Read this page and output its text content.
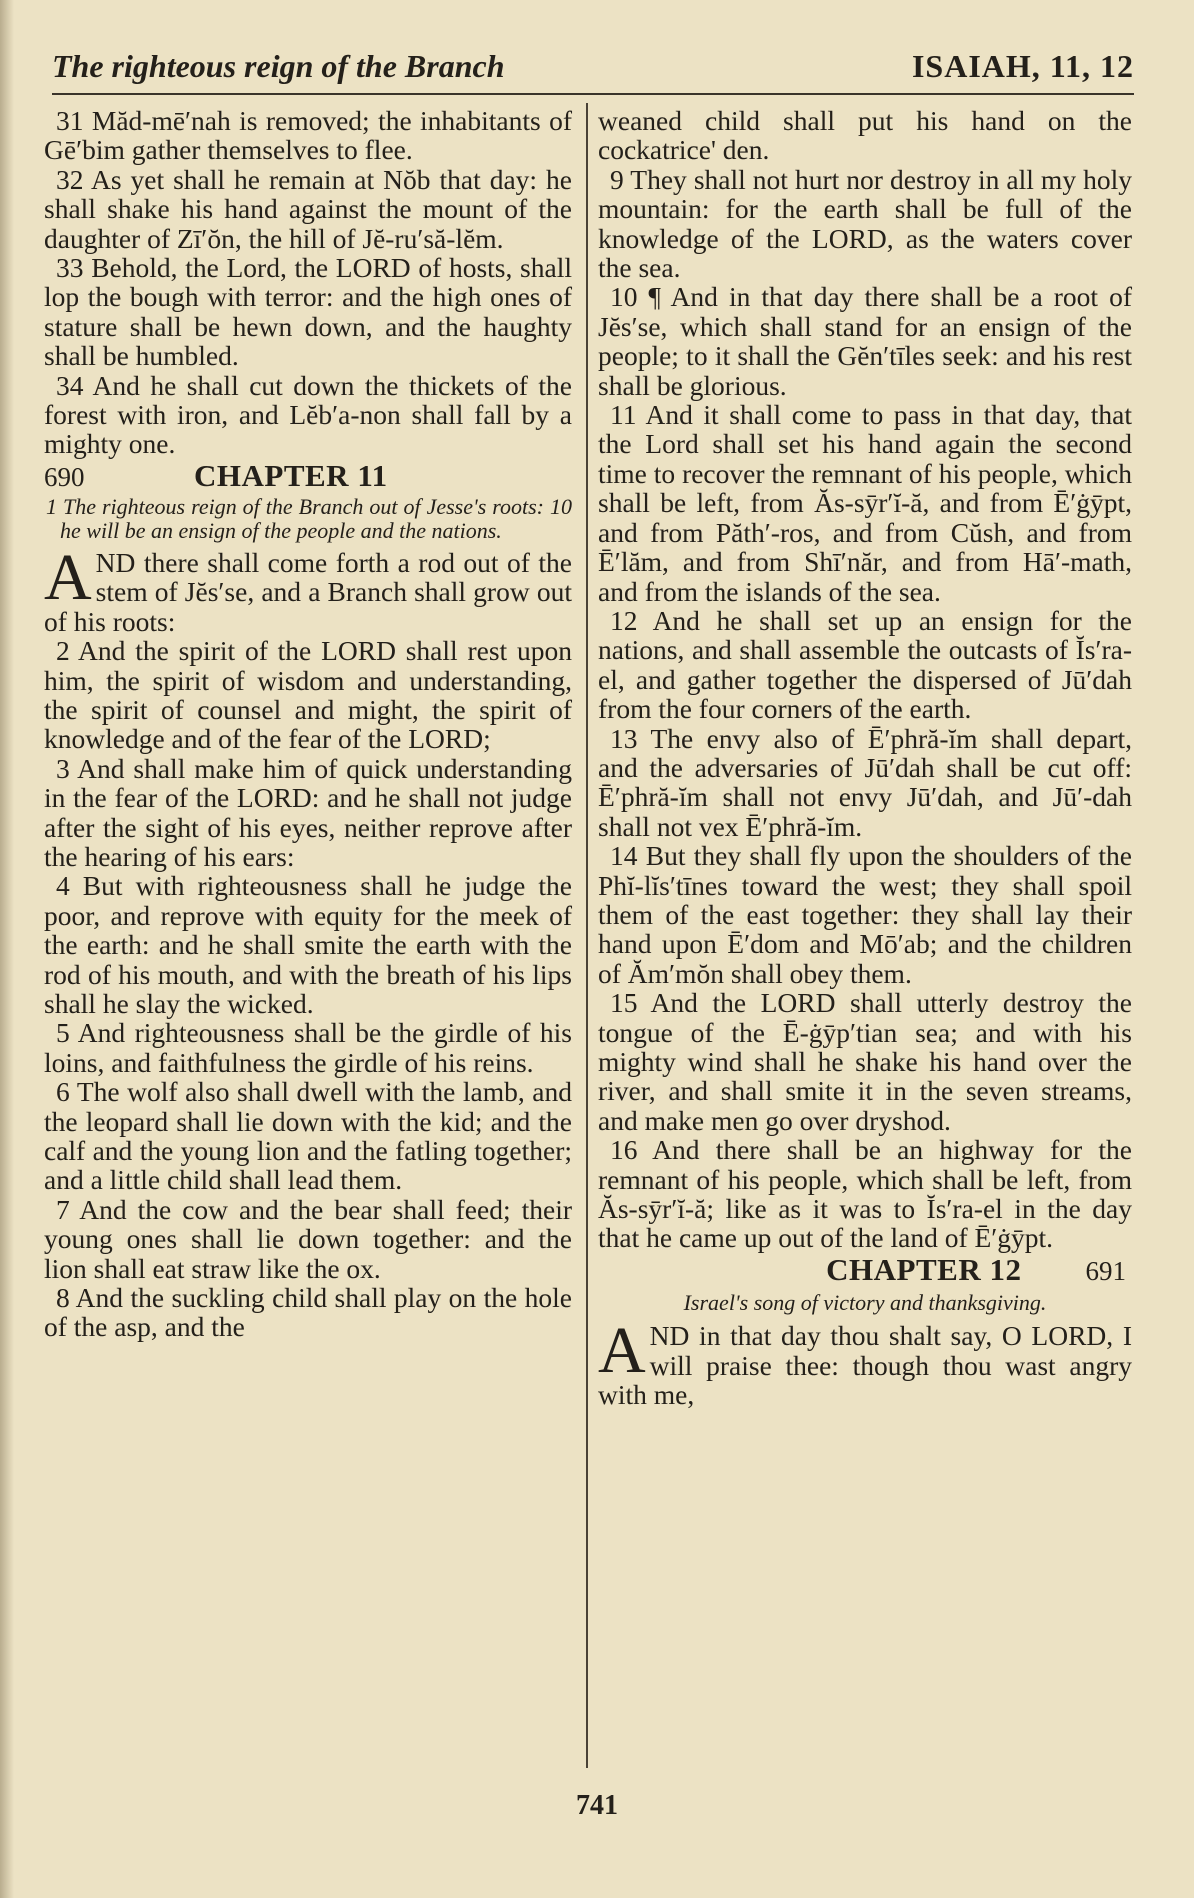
The righteous reign of the Branch	ISAIAH, 11, 12

31 Măd-mē′nah is removed; the inhabitants of Gē′bim gather themselves to flee.

32 As yet shall he remain at Nŏb that day: he shall shake his hand against the mount of the daughter of Zī′ŏn, the hill of Jĕ-ru′să-lĕm.

33 Behold, the Lord, the LORD of hosts, shall lop the bough with terror: and the high ones of stature shall be hewn down, and the haughty shall be humbled.

34 And he shall cut down the thickets of the forest with iron, and Lĕb′a-non shall fall by a mighty one.

690	CHAPTER 11

1 The righteous reign of the Branch out of Jesse's roots: 10 he will be an ensign of the people and the nations.

AND there shall come forth a rod out of the stem of Jĕs′se, and a Branch shall grow out of his roots:

2 And the spirit of the LORD shall rest upon him, the spirit of wisdom and understanding, the spirit of counsel and might, the spirit of knowledge and of the fear of the LORD;

3 And shall make him of quick understanding in the fear of the LORD: and he shall not judge after the sight of his eyes, neither reprove after the hearing of his ears:

4 But with righteousness shall he judge the poor, and reprove with equity for the meek of the earth: and he shall smite the earth with the rod of his mouth, and with the breath of his lips shall he slay the wicked.

5 And righteousness shall be the girdle of his loins, and faithfulness the girdle of his reins.

6 The wolf also shall dwell with the lamb, and the leopard shall lie down with the kid; and the calf and the young lion and the fatling together; and a little child shall lead them.

7 And the cow and the bear shall feed; their young ones shall lie down together: and the lion shall eat straw like the ox.

8 And the suckling child shall play on the hole of the asp, and the

weaned child shall put his hand on the cockatrice' den.

9 They shall not hurt nor destroy in all my holy mountain: for the earth shall be full of the knowledge of the LORD, as the waters cover the sea.

10 ¶ And in that day there shall be a root of Jĕs′se, which shall stand for an ensign of the people; to it shall the Gĕn′tīles seek: and his rest shall be glorious.

11 And it shall come to pass in that day, that the Lord shall set his hand again the second time to recover the remnant of his people, which shall be left, from Ăs-sȳr′ĭ-ă, and from Ē′ġȳpt, and from Păth′-ros, and from Cŭsh, and from Ē′lăm, and from Shī′năr, and from Hā′-math, and from the islands of the sea.

12 And he shall set up an ensign for the nations, and shall assemble the outcasts of Ĭs′ra-el, and gather together the dispersed of Jū′dah from the four corners of the earth.

13 The envy also of Ē′phră-ĭm shall depart, and the adversaries of Jū′dah shall be cut off: Ē′phră-ĭm shall not envy Jū′dah, and Jū′-dah shall not vex Ē′phră-ĭm.

14 But they shall fly upon the shoulders of the Phĭ-lĭs′tīnes toward the west; they shall spoil them of the east together: they shall lay their hand upon Ē′dom and Mō′ab; and the children of Ăm′mŏn shall obey them.

15 And the LORD shall utterly destroy the tongue of the Ē-ġȳp′tian sea; and with his mighty wind shall he shake his hand over the river, and shall smite it in the seven streams, and make men go over dryshod.

16 And there shall be an highway for the remnant of his people, which shall be left, from Ăs-sȳr′ĭ-ă; like as it was to Ĭs′ra-el in the day that he came up out of the land of Ē′ġȳpt.

CHAPTER 12 691

Israel's song of victory and thanksgiving.

AND in that day thou shalt say, O LORD, I will praise thee: though thou wast angry with me,

741
